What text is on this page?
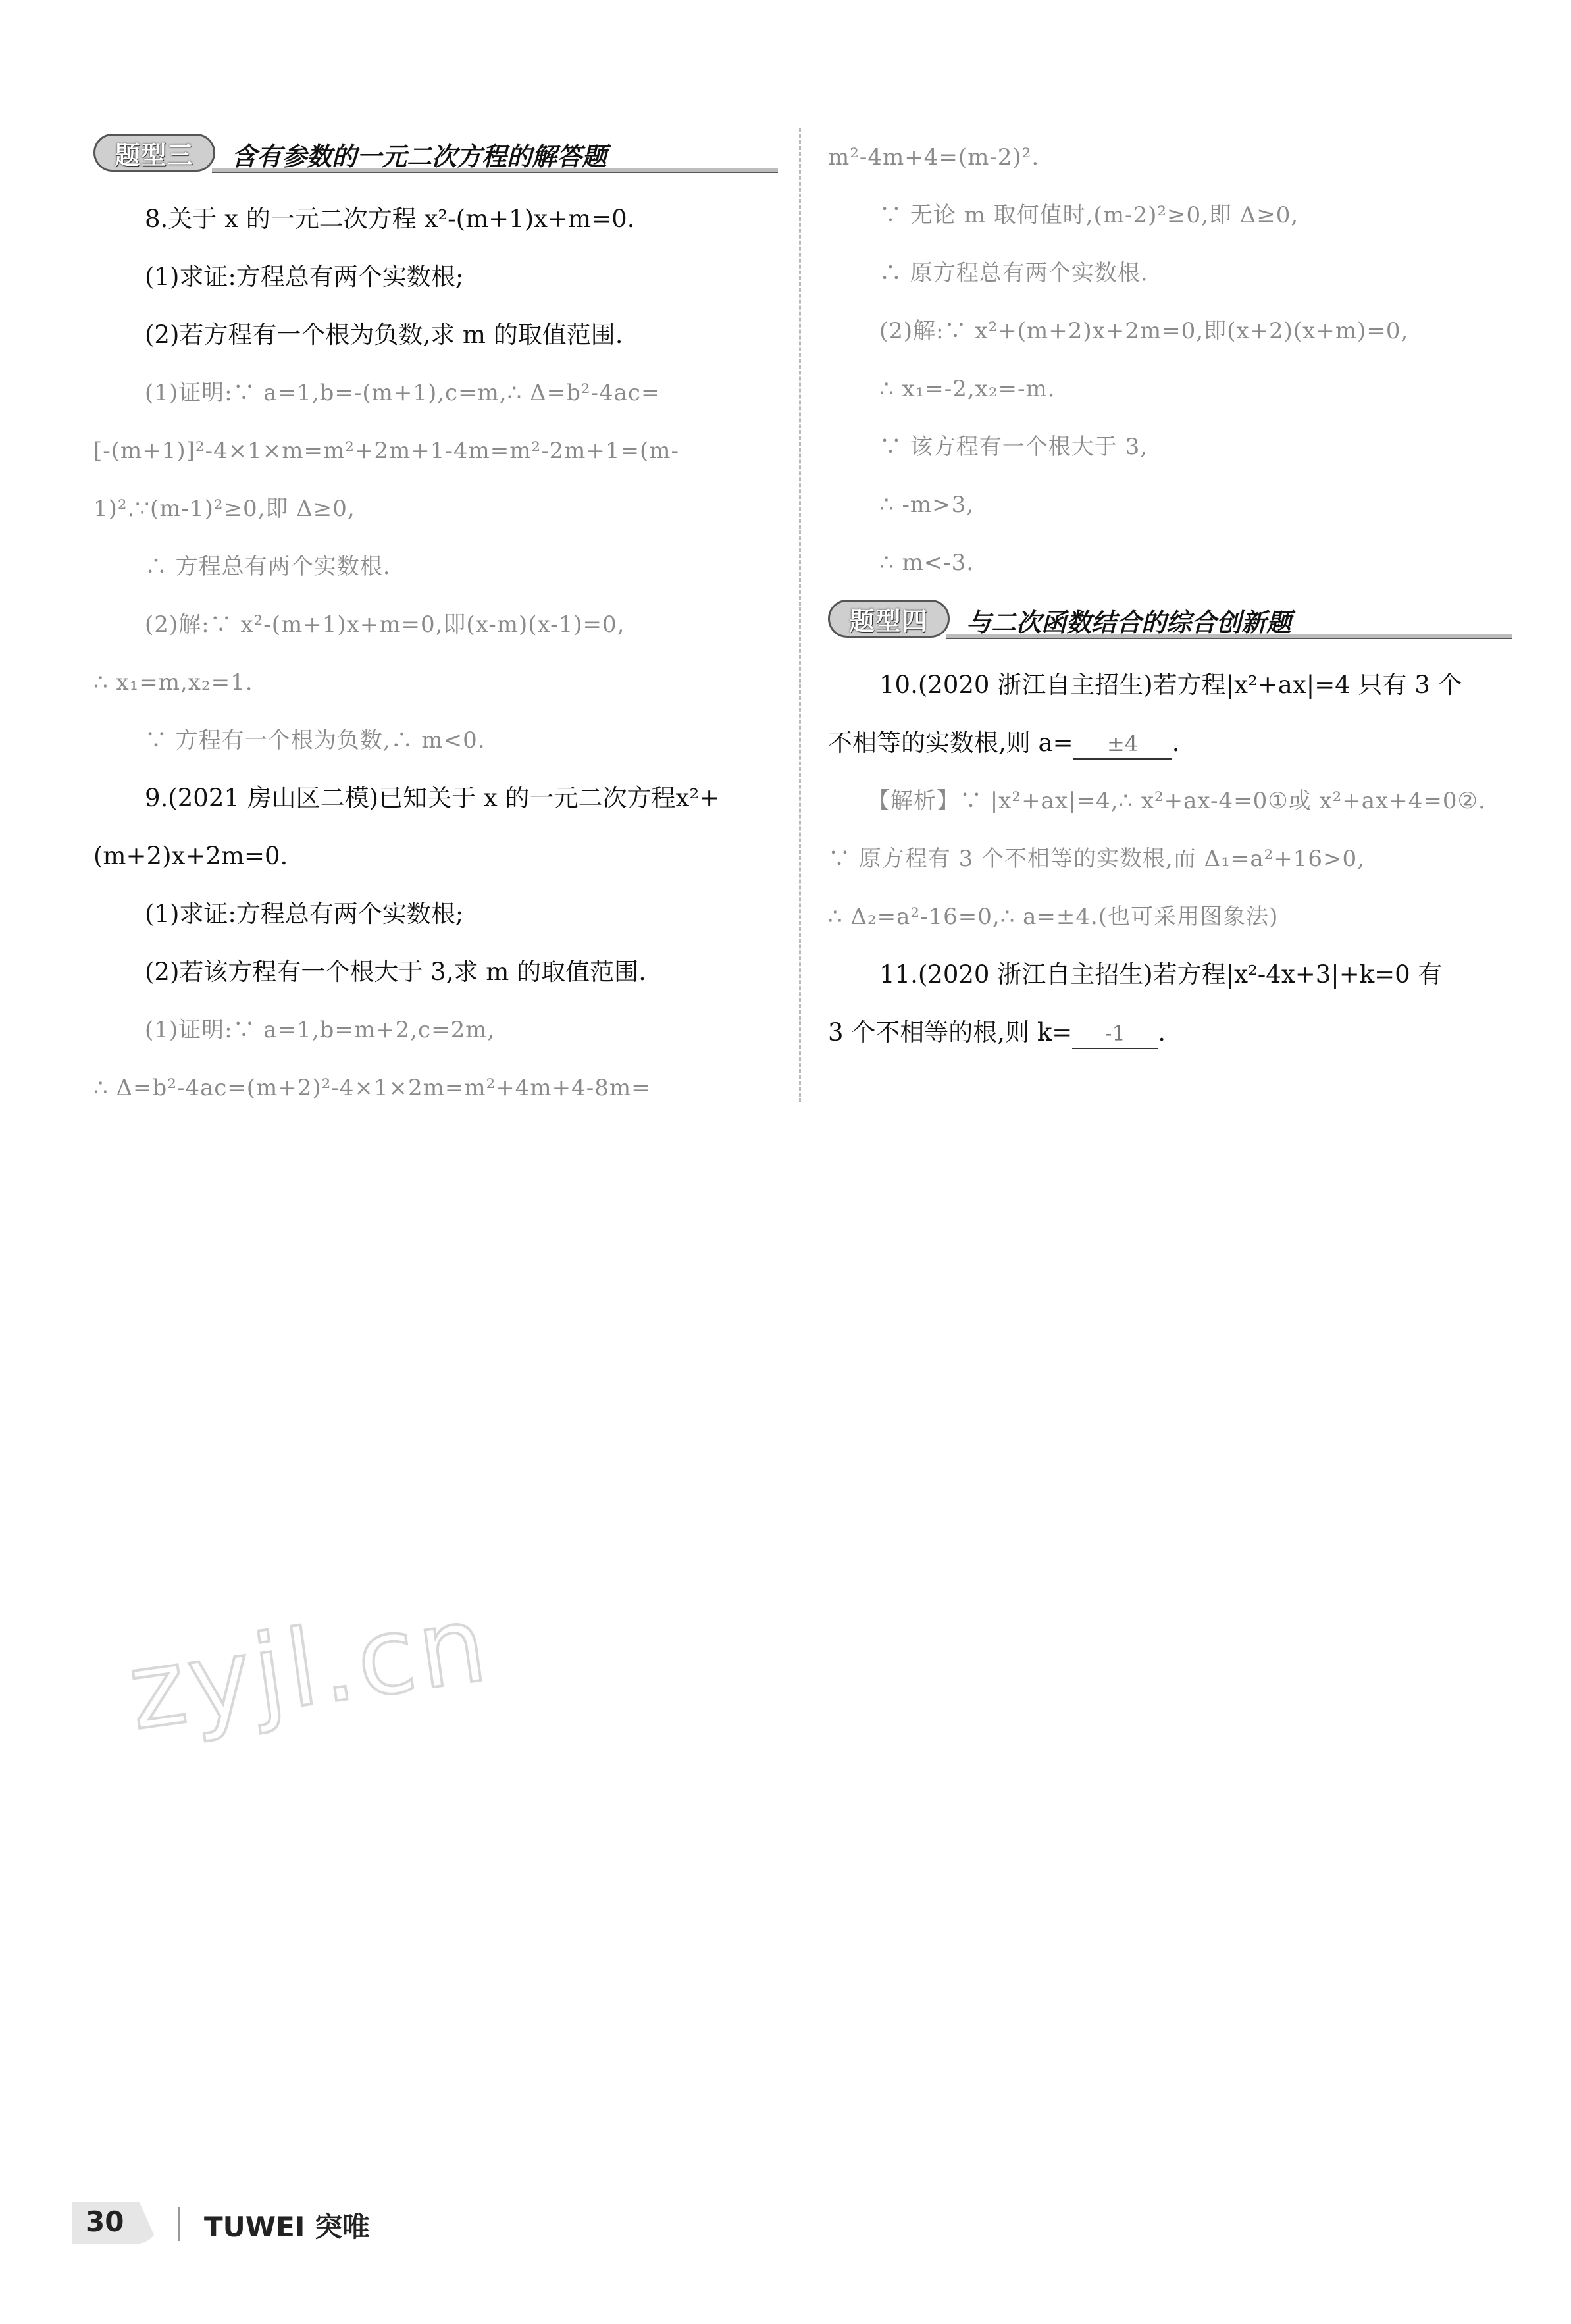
题型三	含有参数的一元二次方程的解答题
8.关于 x 的一元二次方程 x²-(m+1)x+m=0.
(1)求证:方程总有两个实数根;
(2)若方程有一个根为负数,求 m 的取值范围.
(1)证明:∵ a=1,b=-(m+1),c=m,∴ Δ=b²-4ac=
[-(m+1)]²-4×1×m=m²+2m+1-4m=m²-2m+1=(m-
1)².∵(m-1)²≥0,即 Δ≥0,
∴ 方程总有两个实数根.
(2)解:∵ x²-(m+1)x+m=0,即(x-m)(x-1)=0,
∴ x₁=m,x₂=1.
∵ 方程有一个根为负数,∴ m<0.
9.(2021 房山区二模)已知关于 x 的一元二次方程x²+
(m+2)x+2m=0.
(1)求证:方程总有两个实数根;
(2)若该方程有一个根大于 3,求 m 的取值范围.
(1)证明:∵ a=1,b=m+2,c=2m,
∴ Δ=b²-4ac=(m+2)²-4×1×2m=m²+4m+4-8m=
m²-4m+4=(m-2)².
∵ 无论 m 取何值时,(m-2)²≥0,即 Δ≥0,
∴ 原方程总有两个实数根.
(2)解:∵ x²+(m+2)x+2m=0,即(x+2)(x+m)=0,
∴ x₁=-2,x₂=-m.
∵ 该方程有一个根大于 3,
∴ -m>3,
∴ m<-3.
题型四	与二次函数结合的综合创新题
10.(2020 浙江自主招生)若方程|x²+ax|=4 只有 3 个
不相等的实数根,则 a= ±4 .
【解析】∵ |x²+ax|=4,∴ x²+ax-4=0①或 x²+ax+4=0②.
∵ 原方程有 3 个不相等的实数根,而 Δ₁=a²+16>0,
∴ Δ₂=a²-16=0,∴ a=±4.(也可采用图象法)
11.(2020 浙江自主招生)若方程|x²-4x+3|+k=0 有
3 个不相等的根,则 k= -1 .
zyjl.cn
30	TUWEI 突唯
